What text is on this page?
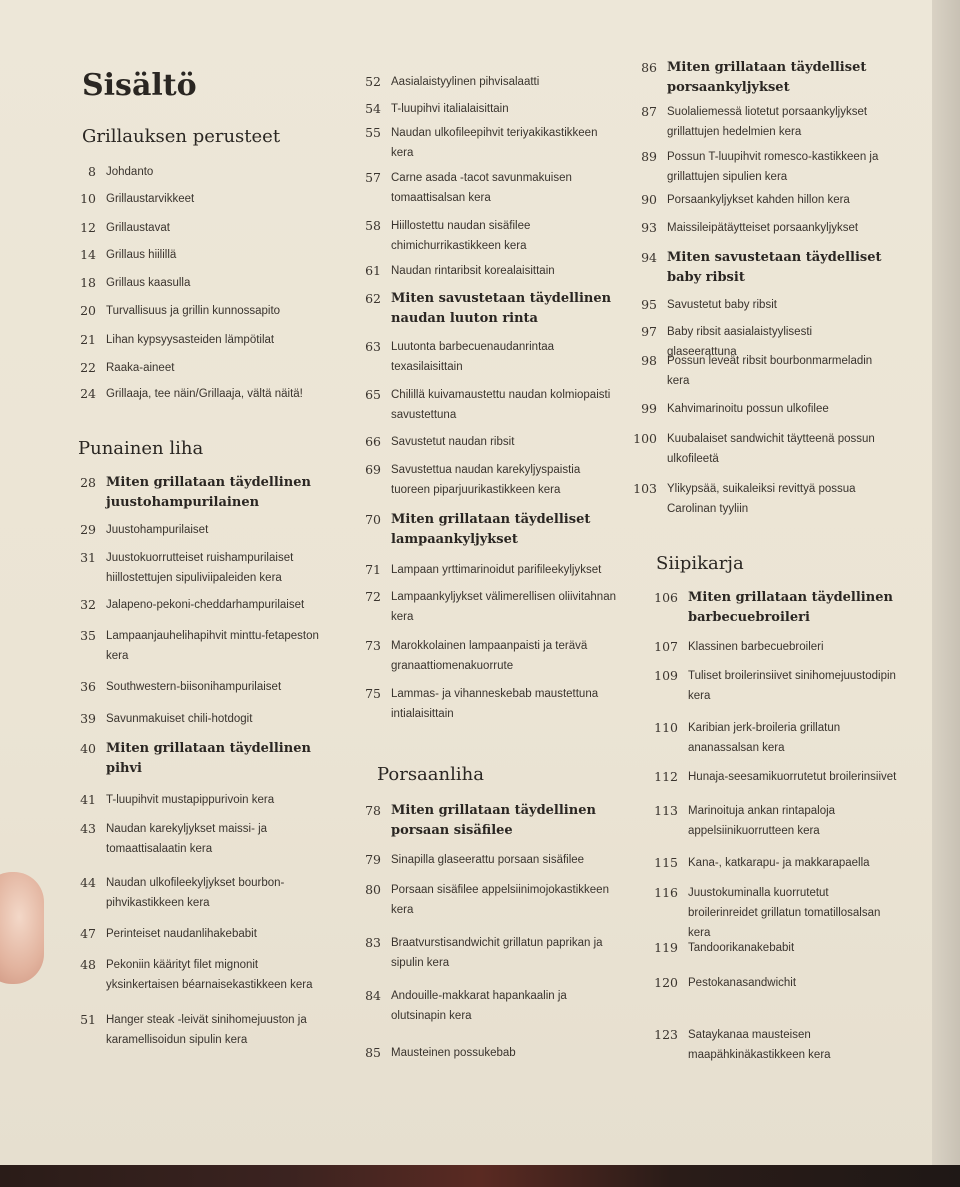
Sisältö
Grillauksen perusteet
8 Johdanto
10 Grillaustarvikkeet
12 Grillaustavat
14 Grillaus hiilillä
18 Grillaus kaasulla
20 Turvallisuus ja grillin kunnossapito
21 Lihan kypsyysasteiden lämpötilat
22 Raaka-aineet
24 Grillaaja, tee näin/Grillaaja, vältä näitä!
Punainen liha
28 Miten grillataan täydellinen juustohampurilainen
29 Juustohampurilaiset
31 Juustokuorrutteiset ruishampurilaiset hiillostettujen sipuliviipaleiden kera
32 Jalapeno-pekoni-cheddarhampurilaiset
35 Lampaanjauhelihapihvit minttu-fetapeston kera
36 Southwestern-biisonihampurilaiset
39 Savunmakuiset chili-hotdogit
40 Miten grillataan täydellinen pihvi
41 T-luupihvit mustapippurivoin kera
43 Naudan karekyljykset maissi- ja tomaattisalaatin kera
44 Naudan ulkofileekyljykset bourbon-pihvikastikkeen kera
47 Perinteiset naudanlihakebabit
48 Pekoniin käärityt filet mignonit yksinkertaisen béarnaisekastikkeen kera
51 Hanger steak -leivät sinihomejuuston ja karamellisoidun sipulin kera
52 Aasialaistyylinen pihvisalaatti
54 T-luupihvi italialaisittain
55 Naudan ulkofileepihvit teriyakikastikkeen kera
57 Carne asada -tacot savunmakuisen tomaattisalsan kera
58 Hiillostettu naudan sisäfilee chimichurrikastikkeen kera
61 Naudan rintaribsit korealaisittain
62 Miten savustetaan täydellinen naudan luuton rinta
63 Luutonta barbecuenaudanrintaa texasilaisittain
65 Chilillä kuivamaustettu naudan kolmiopaisti savustettuna
66 Savustetut naudan ribsit
69 Savustettua naudan karekyljyspaistia tuoreen piparjuurikastikkeen kera
70 Miten grillataan täydelliset lampaankyljykset
71 Lampaan yrttimarinoidut parifileekyljykset
72 Lampaankyljykset välimerellisen oliivitahnan kera
73 Marokkolainen lampaanpaisti ja terävä granaattiomenakuorrute
75 Lammas- ja vihanneskebab maustettuna intialaisittain
Porsaanliha
78 Miten grillataan täydellinen porsaan sisäfilee
79 Sinapilla glaseerattu porsaan sisäfilee
80 Porsaan sisäfilee appelsiinimojokastikkeen kera
83 Braatvurstisandwichit grillatun paprikan ja sipulin kera
84 Andouille-makkarat hapankaalin ja olutsinapin kera
85 Mausteinen possukebab
86 Miten grillataan täydelliset porsaankyljykset
87 Suolaliemessä liotetut porsaankyljykset grillattujen hedelmien kera
89 Possun T-luupihvit romesco-kastikkeen ja grillattujen sipulien kera
90 Porsaankyljykset kahden hillon kera
93 Maissileipätäytteiset porsaankyljykset
94 Miten savustetaan täydelliset baby ribsit
95 Savustetut baby ribsit
97 Baby ribsit aasialaistyylisesti glaseerattuna
98 Possun leveät ribsit bourbonmarmeladin kera
99 Kahvimarinoitu possun ulkofilee
100 Kuubalaiset sandwichit täytteenä possun ulkofileetä
103 Ylikypsää, suikaleiksi revittyä possua Carolinan tyyliin
Siipikarja
106 Miten grillataan täydellinen barbecuebroileri
107 Klassinen barbecuebroileri
109 Tuliset broilerinsiivet sinihomejuustodipin kera
110 Karibian jerk-broileria grillatun ananassalsan kera
112 Hunaja-seesamikuorrutetut broilerinsiivet
113 Marinoituja ankan rintapaloja appelsiinikuorrutteen kera
115 Kana-, katkarapu- ja makkarapaella
116 Juustokuminalla kuorrutetut broilerinreidet grillatun tomatillosalsan kera
119 Tandoorikanakebabit
120 Pestokanasandwichit
123 Sataykanaa mausteisen maapähkinäkastikkeen kera
